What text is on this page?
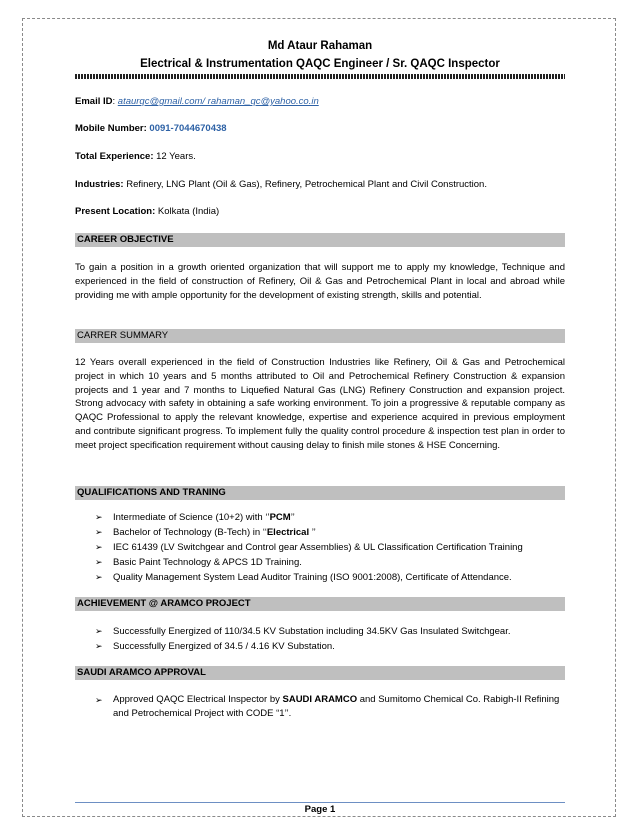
Md Ataur Rahaman
Electrical & Instrumentation QAQC Engineer / Sr. QAQC Inspector
Email ID: ataurqc@gmail.com/ rahaman_qc@yahoo.co.in
Mobile Number: 0091-7044670438
Total Experience: 12 Years.
Industries: Refinery, LNG Plant (Oil & Gas), Refinery, Petrochemical Plant and Civil Construction.
Present Location: Kolkata (India)
CAREER OBJECTIVE
To gain a position in a growth oriented organization that will support me to apply my knowledge, Technique and experienced in the field of construction of Refinery, Oil & Gas and Petrochemical Plant in local and abroad while providing me with ample opportunity for the development of existing strength, skills and potential.
CARRER SUMMARY
12 Years overall experienced in the field of Construction Industries like Refinery, Oil & Gas and Petrochemical project in which 10 years and 5 months attributed to Oil and Petrochemical Refinery Construction & expansion projects and 1 year and 7 months to Liquefied Natural Gas (LNG) Refinery Construction and expansion project. Strong advocacy with safety in obtaining a safe working environment. To join a progressive & reputable company as QAQC Professional to apply the relevant knowledge, expertise and experience acquired in previous employment and contribute significant progress. To implement fully the quality control procedure & inspection test plan in order to meet project specification requirement without causing delay to finish mile stones & HSE Concerning.
QUALIFICATIONS AND TRANING
➢ Intermediate of Science (10+2) with ‘’PCM’’
➢ Bachelor of Technology (B-Tech) in ‘‘Electrical ’’
➢ IEC 61439 (LV Switchgear and Control gear Assemblies) & UL Classification Certification Training
➢ Basic Paint Technology & APCS 1D Training.
➢ Quality Management System Lead Auditor Training (ISO 9001:2008), Certificate of Attendance.
ACHIEVEMENT @ ARAMCO PROJECT
➢ Successfully Energized of 110/34.5 KV Substation including 34.5KV Gas Insulated Switchgear.
➢ Successfully Energized of 34.5 / 4.16 KV Substation.
SAUDI ARAMCO APPROVAL
➢ Approved QAQC Electrical Inspector by SAUDI ARAMCO and Sumitomo Chemical Co. Rabigh-II Refining and Petrochemical Project with CODE “1’’.
Page 1
